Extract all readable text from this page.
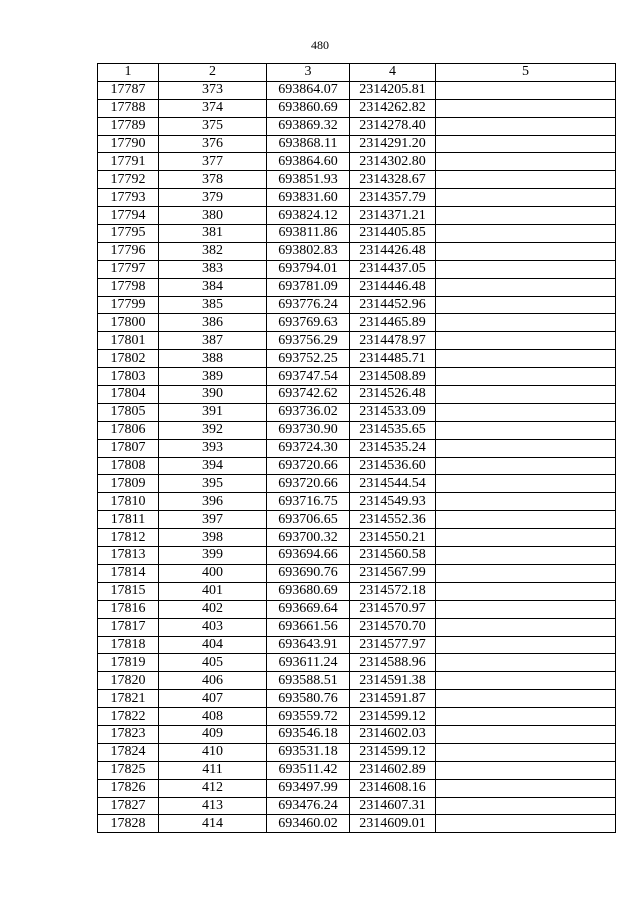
480
1	2	3	4	5
17787	373	693864.07	2314205.81	
17788	374	693860.69	2314262.82	
17789	375	693869.32	2314278.40	
17790	376	693868.11	2314291.20	
17791	377	693864.60	2314302.80	
17792	378	693851.93	2314328.67	
17793	379	693831.60	2314357.79	
17794	380	693824.12	2314371.21	
17795	381	693811.86	2314405.85	
17796	382	693802.83	2314426.48	
17797	383	693794.01	2314437.05	
17798	384	693781.09	2314446.48	
17799	385	693776.24	2314452.96	
17800	386	693769.63	2314465.89	
17801	387	693756.29	2314478.97	
17802	388	693752.25	2314485.71	
17803	389	693747.54	2314508.89	
17804	390	693742.62	2314526.48	
17805	391	693736.02	2314533.09	
17806	392	693730.90	2314535.65	
17807	393	693724.30	2314535.24	
17808	394	693720.66	2314536.60	
17809	395	693720.66	2314544.54	
17810	396	693716.75	2314549.93	
17811	397	693706.65	2314552.36	
17812	398	693700.32	2314550.21	
17813	399	693694.66	2314560.58	
17814	400	693690.76	2314567.99	
17815	401	693680.69	2314572.18	
17816	402	693669.64	2314570.97	
17817	403	693661.56	2314570.70	
17818	404	693643.91	2314577.97	
17819	405	693611.24	2314588.96	
17820	406	693588.51	2314591.38	
17821	407	693580.76	2314591.87	
17822	408	693559.72	2314599.12	
17823	409	693546.18	2314602.03	
17824	410	693531.18	2314599.12	
17825	411	693511.42	2314602.89	
17826	412	693497.99	2314608.16	
17827	413	693476.24	2314607.31	
17828	414	693460.02	2314609.01	
